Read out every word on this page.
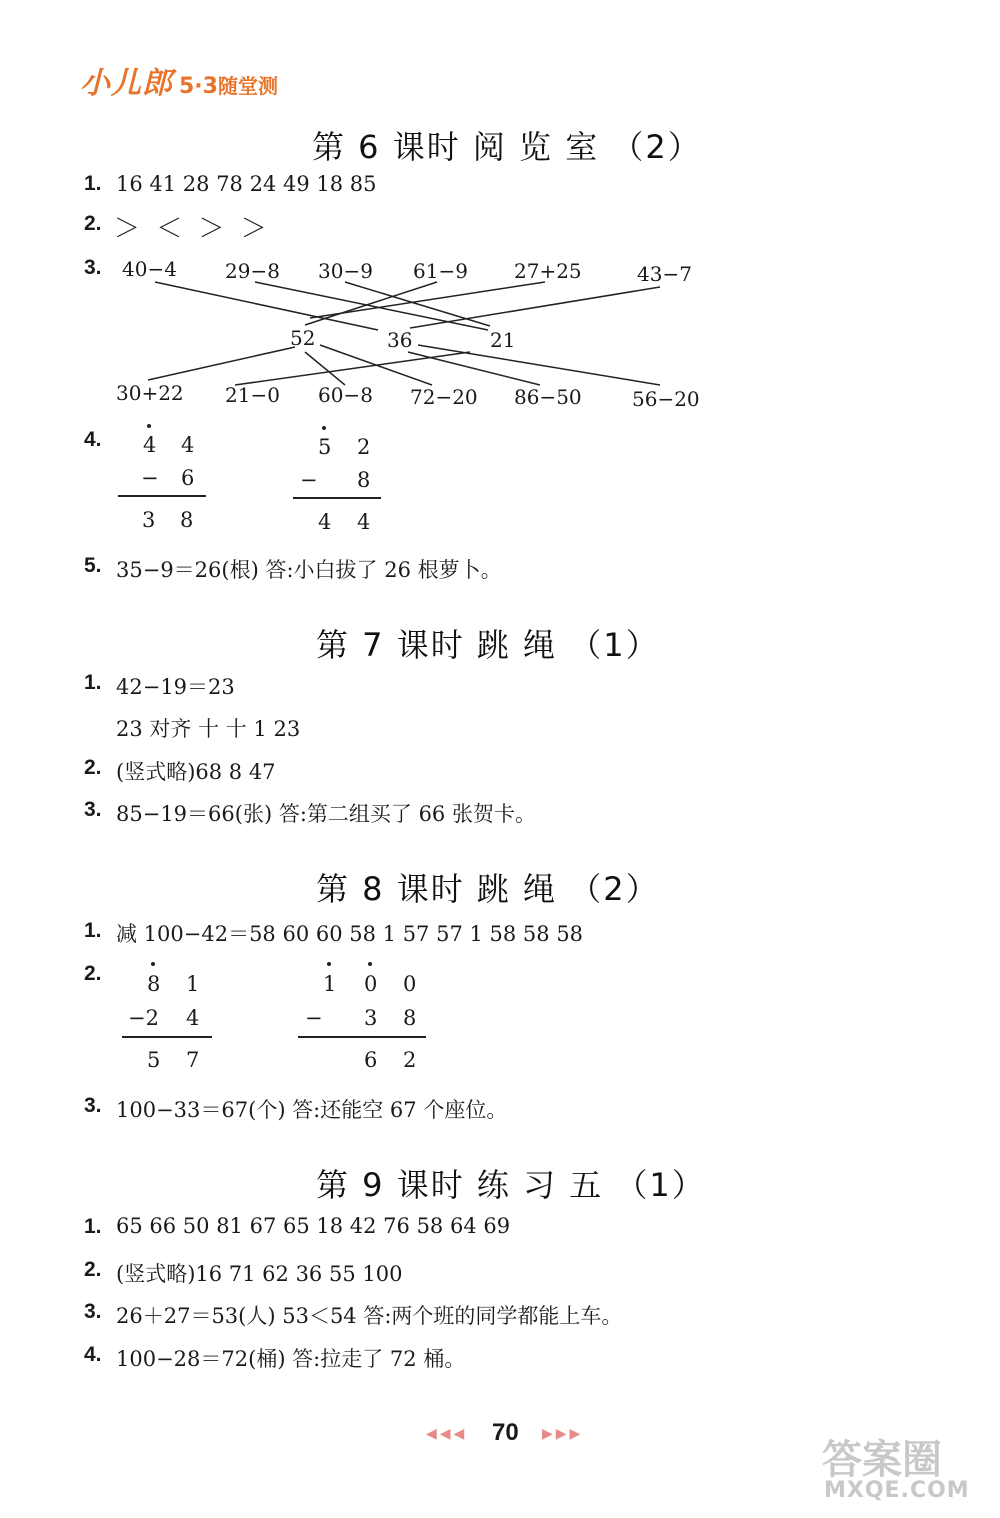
小儿郎 5·3 随堂测
第 6 课时 阅 览 室 （2）
1. 16 41 28 78 24 49 18 85
2. ＞ ＜ ＞ ＞
3. 40−4 29−8 30−9 61−9 27+25	43−7
52	36	21
30+22 21−0 60−8 72−20 86−50	56−20
4. 4 4
− 6
3 8
5 2
− 8
4 4
5. 35−9＝26(根) 答:小白拔了 26 根萝卜。
第 7 课时 跳 绳 （1）
1. 42−19＝23
23 对齐 十 十 1 23
2. (竖式略)68 8 47
3. 85−19＝66(张) 答:第二组买了 66 张贺卡。
第 8 课时 跳 绳 （2）
1. 减 100−42＝58 60 60 58 1 57 57 1 58 58 58
2. 8 1
−2 4
5 7
1 0 0
− 3 8
6 2
3. 100−33＝67(个) 答:还能空 67 个座位。
第 9 课时 练 习 五 （1）
1. 65 66 50 81 67 65 18 42 76 58 64 69
2. (竖式略)16 71 62 36 55 100
3. 26＋27＝53(人) 53＜54 答:两个班的同学都能上车。
4. 100−28＝72(桶) 答:拉走了 72 桶。
◀◀◀ 70 ▶▶▶
答案圈
MXQE.COM
